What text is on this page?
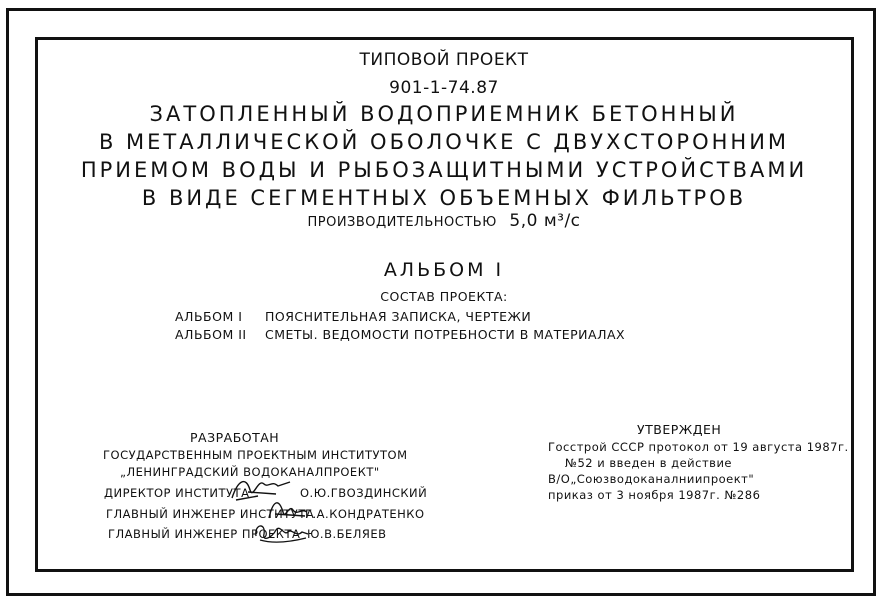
ТИПОВОЙ ПРОЕКТ
901-1-74.87
ЗАТОПЛЕННЫЙ ВОДОПРИЕМНИК БЕТОННЫЙ
В МЕТАЛЛИЧЕСКОЙ ОБОЛОЧКЕ С ДВУХСТОРОННИМ
ПРИЕМОМ ВОДЫ И РЫБОЗАЩИТНЫМИ УСТРОЙСТВАМИ
В ВИДЕ СЕГМЕНТНЫХ ОБЪЕМНЫХ ФИЛЬТРОВ
ПРОИЗВОДИТЕЛЬНОСТЬЮ 5,0 м³/с
АЛЬБОМ I
СОСТАВ ПРОЕКТА:
АЛЬБОМ I ПОЯСНИТЕЛЬНАЯ ЗАПИСКА, ЧЕРТЕЖИ
АЛЬБОМ II СМЕТЫ. ВЕДОМОСТИ ПОТРЕБНОСТИ В МАТЕРИАЛАХ
РАЗРАБОТАН
ГОСУДАРСТВЕННЫМ ПРОЕКТНЫМ ИНСТИТУТОМ
„ЛЕНИНГРАДСКИЙ ВОДОКАНАЛПРОЕКТ"
ДИРЕКТОР ИНСТИТУТА	О.Ю.ГВОЗДИНСКИЙ
ГЛАВНЫЙ ИНЖЕНЕР ИНСТИТУТА
Г.А.КОНДРАТЕНКО
ГЛАВНЫЙ ИНЖЕНЕР ПРОЕКТА Ю.В.БЕЛЯЕВ
УТВЕРЖДЕН
Госстрой СССР протокол от 19 августа 1987г.
№52 и введен в действие
В/О„Союзводоканалниипроект"
приказ от 3 ноября 1987г. №286
